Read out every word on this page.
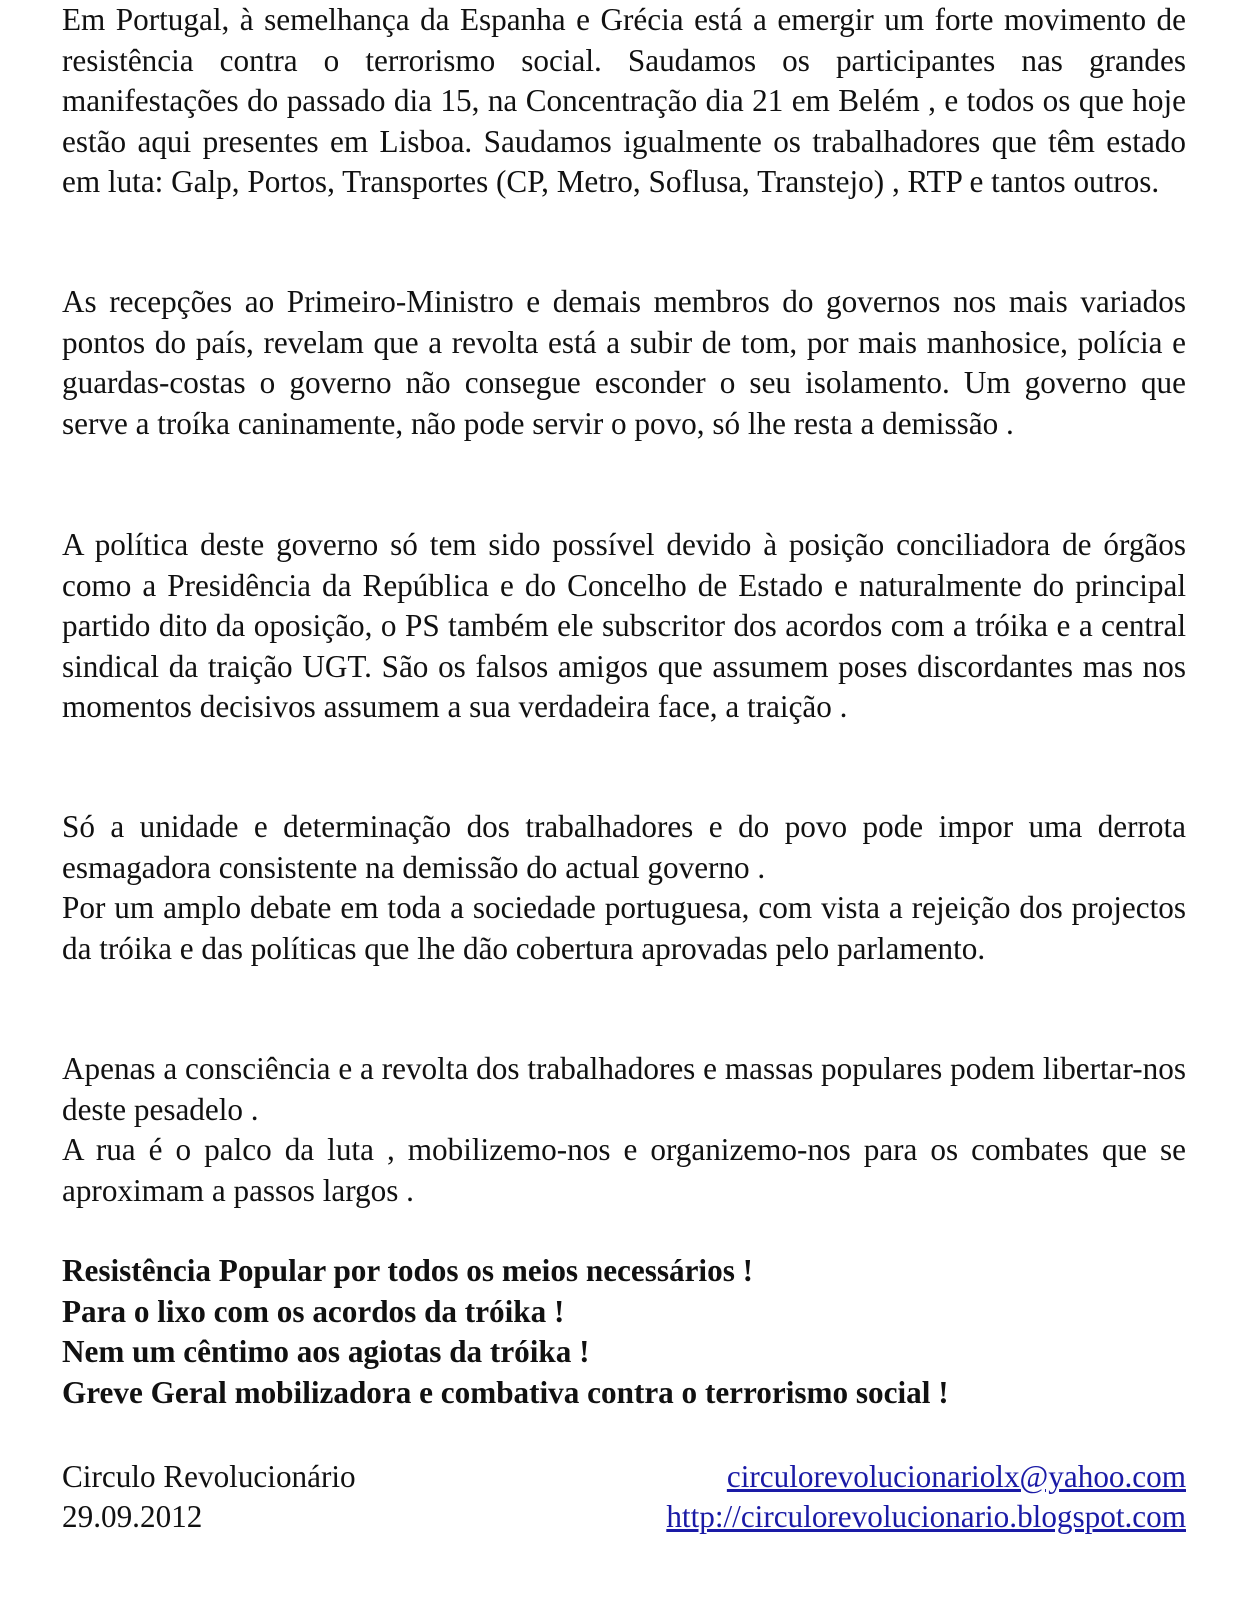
Em Portugal, à semelhança da Espanha e Grécia está a emergir um forte movimento de resistência contra o terrorismo social. Saudamos os participantes nas grandes manifestações do passado dia 15, na Concentração dia 21 em Belém , e todos os que hoje estão aqui presentes em Lisboa. Saudamos igualmente os trabalhadores que têm estado em luta: Galp, Portos, Transportes (CP, Metro, Soflusa, Transtejo) , RTP e tantos outros.

As recepções ao Primeiro-Ministro e demais membros do governos nos mais variados pontos do país, revelam que a revolta está a subir de tom, por mais manhosice, polícia e guardas-costas o governo não consegue esconder o seu isolamento. Um governo que serve a troíka caninamente, não pode servir o povo, só lhe resta a demissão .

A política deste governo só tem sido possível devido à posição conciliadora de órgãos como a Presidência da República e do Concelho de Estado e naturalmente do principal partido dito da oposição, o PS também ele subscritor dos acordos com a tróika e a central sindical da traição UGT. São os falsos amigos que assumem poses discordantes mas nos momentos decisivos assumem a sua verdadeira face, a traição .

Só a unidade e determinação dos trabalhadores e do povo pode impor uma derrota esmagadora consistente na demissão do actual governo .
Por um amplo debate em toda a sociedade portuguesa, com vista a rejeição dos projectos da tróika e das políticas que lhe dão cobertura aprovadas pelo parlamento.
Apenas a consciência e a revolta dos trabalhadores e massas populares podem libertar-nos deste pesadelo .
A rua é o palco da luta , mobilizemo-nos e organizemo-nos para os combates que se aproximam a passos largos .
Resistência Popular por todos os meios necessários !
Para o lixo com os acordos da tróika !
Nem um cêntimo aos agiotas da tróika !
Greve Geral mobilizadora e combativa contra o terrorismo social !
Circulo Revolucionário
29.09.2012
circulorevolucionariolx@yahoo.com
http://circulorevolucionario.blogspot.com
